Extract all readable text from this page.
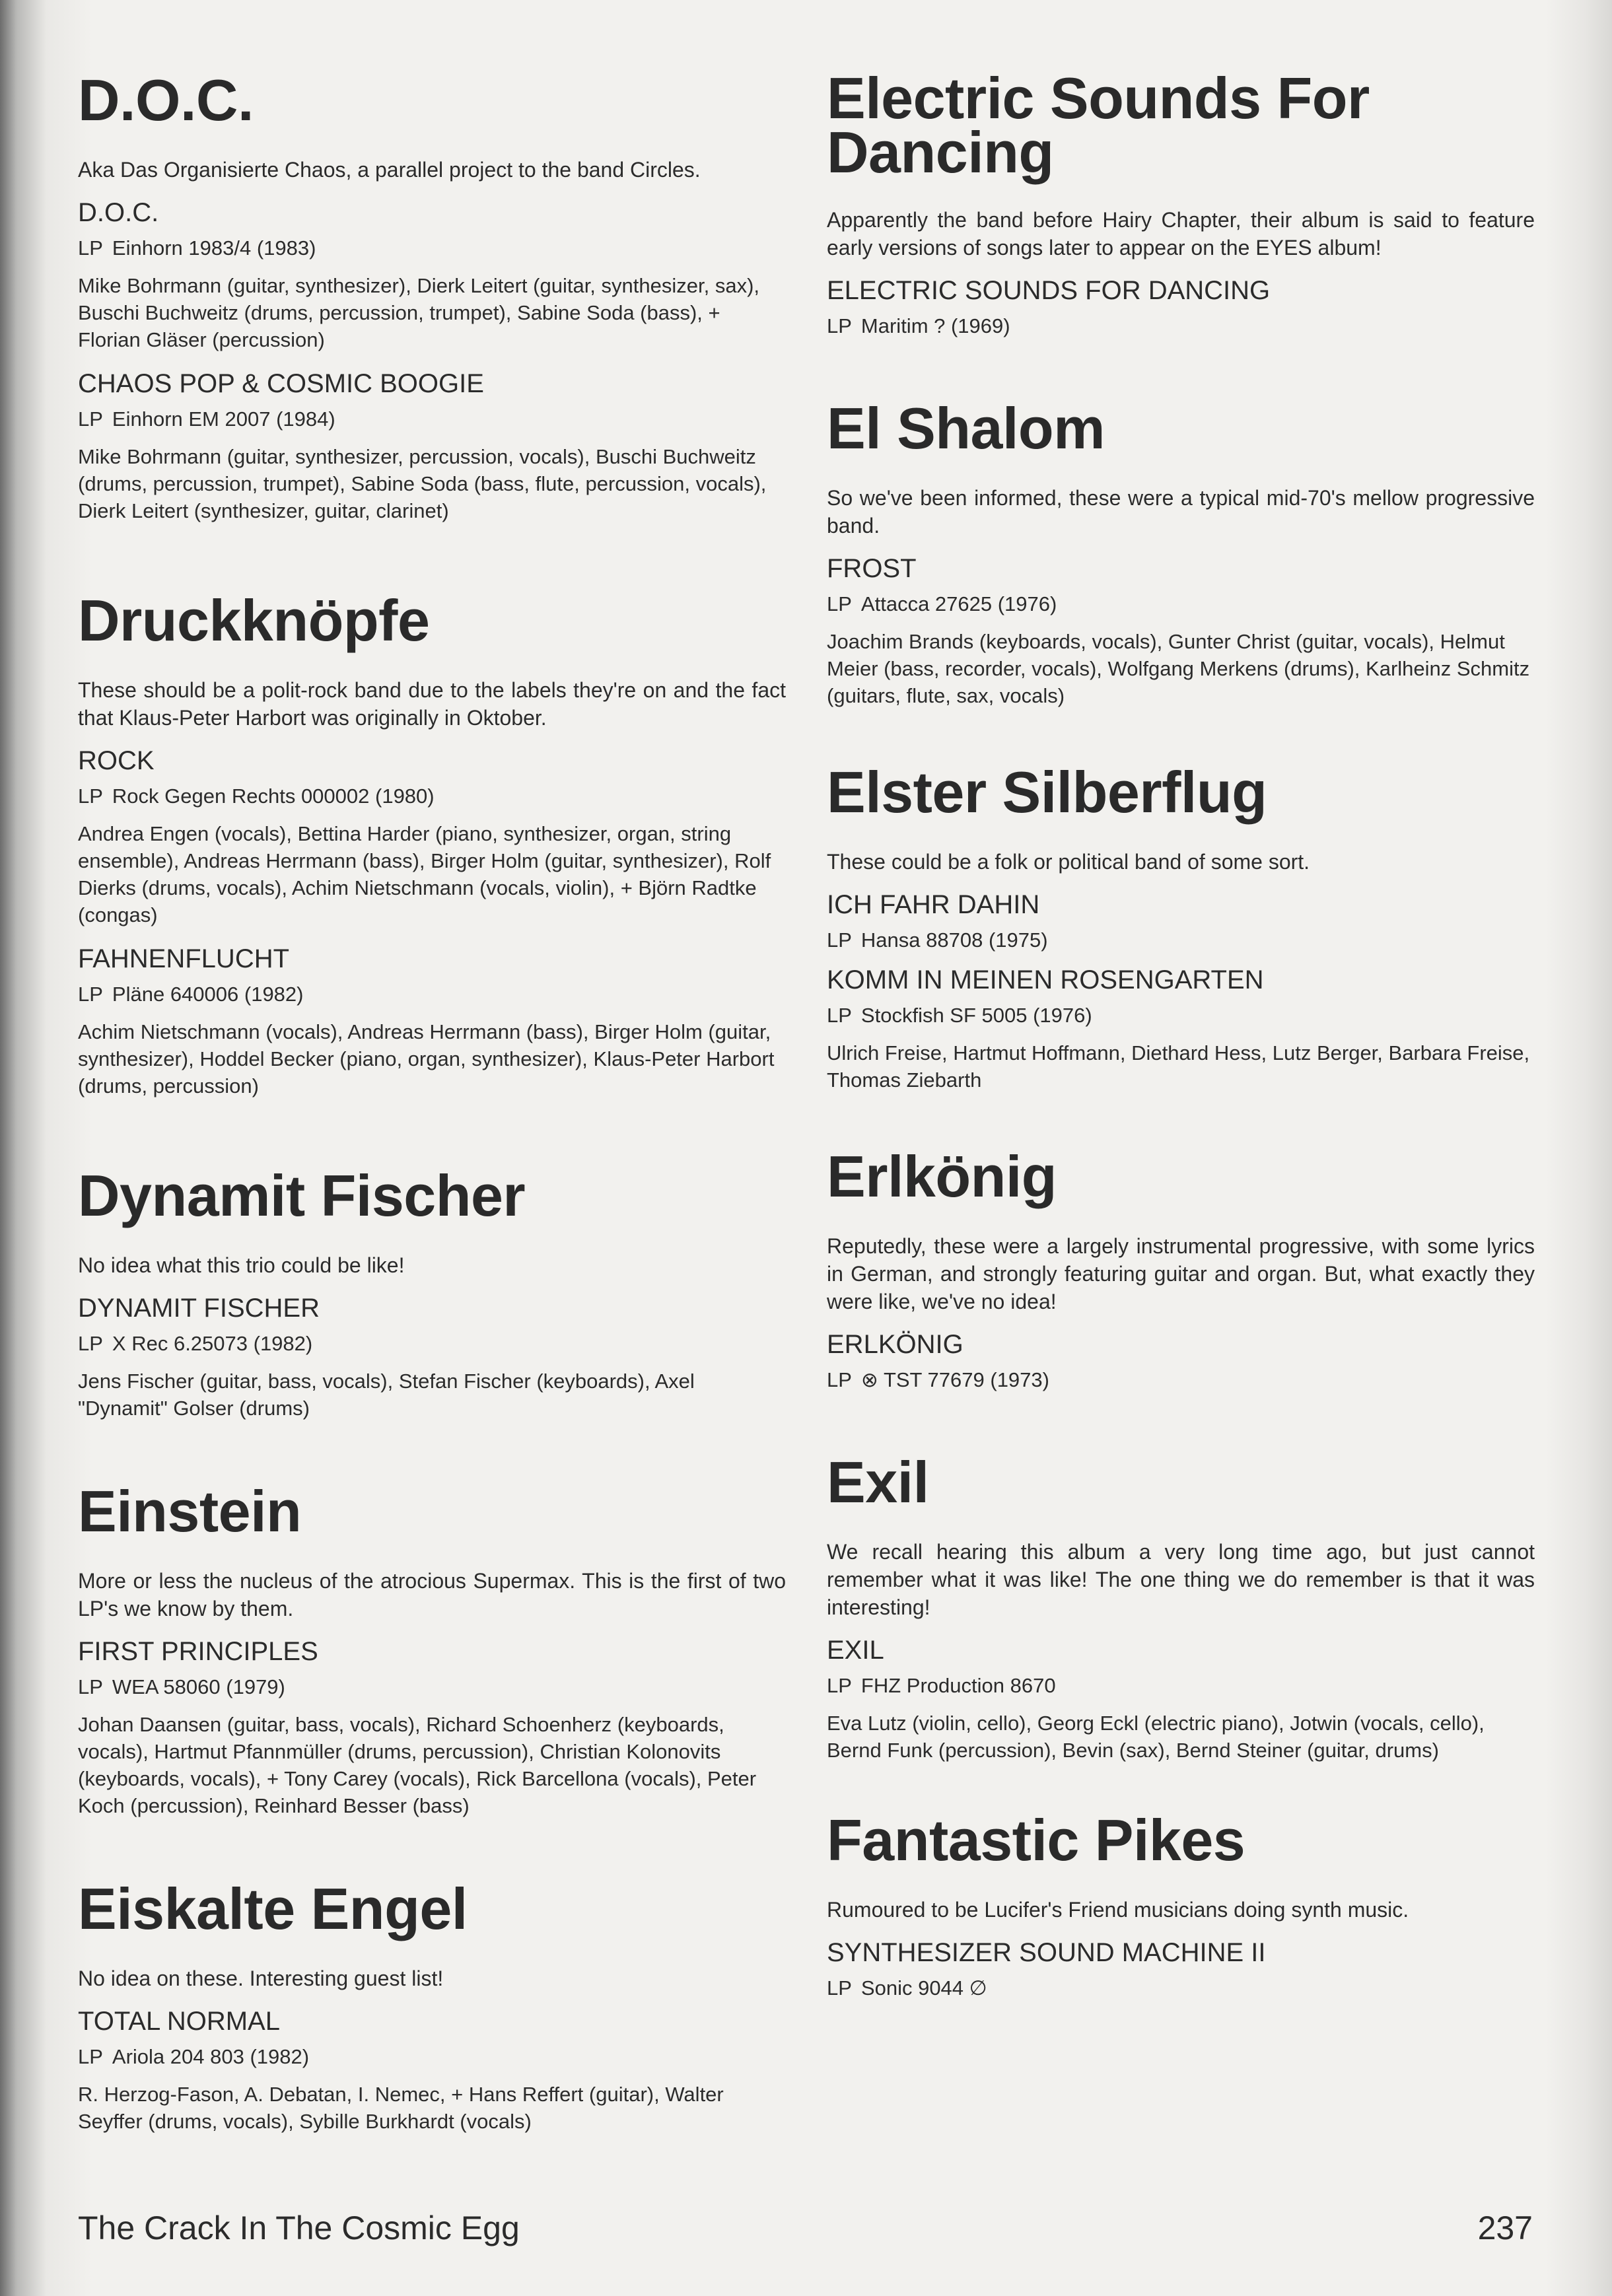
D.O.C.

Aka Das Organisierte Chaos, a parallel project to the band Circles.

D.O.C.
LP Einhorn 1983/4 (1983)
Mike Bohrmann (guitar, synthesizer), Dierk Leitert (guitar, synthesizer, sax), Buschi Buchweitz (drums, percussion, trumpet), Sabine Soda (bass), + Florian Gläser (percussion)
CHAOS POP & COSMIC BOOGIE
LP Einhorn EM 2007 (1984)
Mike Bohrmann (guitar, synthesizer, percussion, vocals), Buschi Buchweitz (drums, percussion, trumpet), Sabine Soda (bass, flute, percussion, vocals), Dierk Leitert (synthesizer, guitar, clarinet)
Druckknöpfe

These should be a polit-rock band due to the labels they're on and the fact that Klaus-Peter Harbort was originally in Oktober.

ROCK
LP Rock Gegen Rechts 000002 (1980)
Andrea Engen (vocals), Bettina Harder (piano, synthesizer, organ, string ensemble), Andreas Herrmann (bass), Birger Holm (guitar, synthesizer), Rolf Dierks (drums, vocals), Achim Nietschmann (vocals, violin), + Björn Radtke (congas)
FAHNENFLUCHT
LP Pläne 640006 (1982)
Achim Nietschmann (vocals), Andreas Herrmann (bass), Birger Holm (guitar, synthesizer), Hoddel Becker (piano, organ, synthesizer), Klaus-Peter Harbort (drums, percussion)
Dynamit Fischer

No idea what this trio could be like!

DYNAMIT FISCHER
LP X Rec 6.25073 (1982)
Jens Fischer (guitar, bass, vocals), Stefan Fischer (keyboards), Axel "Dynamit" Golser (drums)
Einstein

More or less the nucleus of the atrocious Supermax. This is the first of two LP's we know by them.

FIRST PRINCIPLES
LP WEA 58060 (1979)
Johan Daansen (guitar, bass, vocals), Richard Schoenherz (keyboards, vocals), Hartmut Pfannmüller (drums, percussion), Christian Kolonovits (keyboards, vocals), + Tony Carey (vocals), Rick Barcellona (vocals), Peter Koch (percussion), Reinhard Besser (bass)
Eiskalte Engel

No idea on these. Interesting guest list!

TOTAL NORMAL
LP Ariola 204 803 (1982)
R. Herzog-Fason, A. Debatan, I. Nemec, + Hans Reffert (guitar), Walter Seyffer (drums, vocals), Sybille Burkhardt (vocals)
Electric Sounds For Dancing

Apparently the band before Hairy Chapter, their album is said to feature early versions of songs later to appear on the EYES album!

ELECTRIC SOUNDS FOR DANCING
LP Maritim ? (1969)
El Shalom

So we've been informed, these were a typical mid-70's mellow progressive band.

FROST
LP Attacca 27625 (1976)
Joachim Brands (keyboards, vocals), Gunter Christ (guitar, vocals), Helmut Meier (bass, recorder, vocals), Wolfgang Merkens (drums), Karlheinz Schmitz (guitars, flute, sax, vocals)
Elster Silberflug

These could be a folk or political band of some sort.

ICH FAHR DAHIN
LP Hansa 88708 (1975)
KOMM IN MEINEN ROSENGARTEN
LP Stockfish SF 5005 (1976)
Ulrich Freise, Hartmut Hoffmann, Diethard Hess, Lutz Berger, Barbara Freise, Thomas Ziebarth
Erlkönig

Reputedly, these were a largely instrumental progressive, with some lyrics in German, and strongly featuring guitar and organ. But, what exactly they were like, we've no idea!

ERLKÖNIG
LP ⊗ TST 77679 (1973)
Exil

We recall hearing this album a very long time ago, but just cannot remember what it was like! The one thing we do remember is that it was interesting!

EXIL
LP FHZ Production 8670
Eva Lutz (violin, cello), Georg Eckl (electric piano), Jotwin (vocals, cello), Bernd Funk (percussion), Bevin (sax), Bernd Steiner (guitar, drums)
Fantastic Pikes

Rumoured to be Lucifer's Friend musicians doing synth music.

SYNTHESIZER SOUND MACHINE II
LP Sonic 9044 ∅
The Crack In The Cosmic Egg	237
